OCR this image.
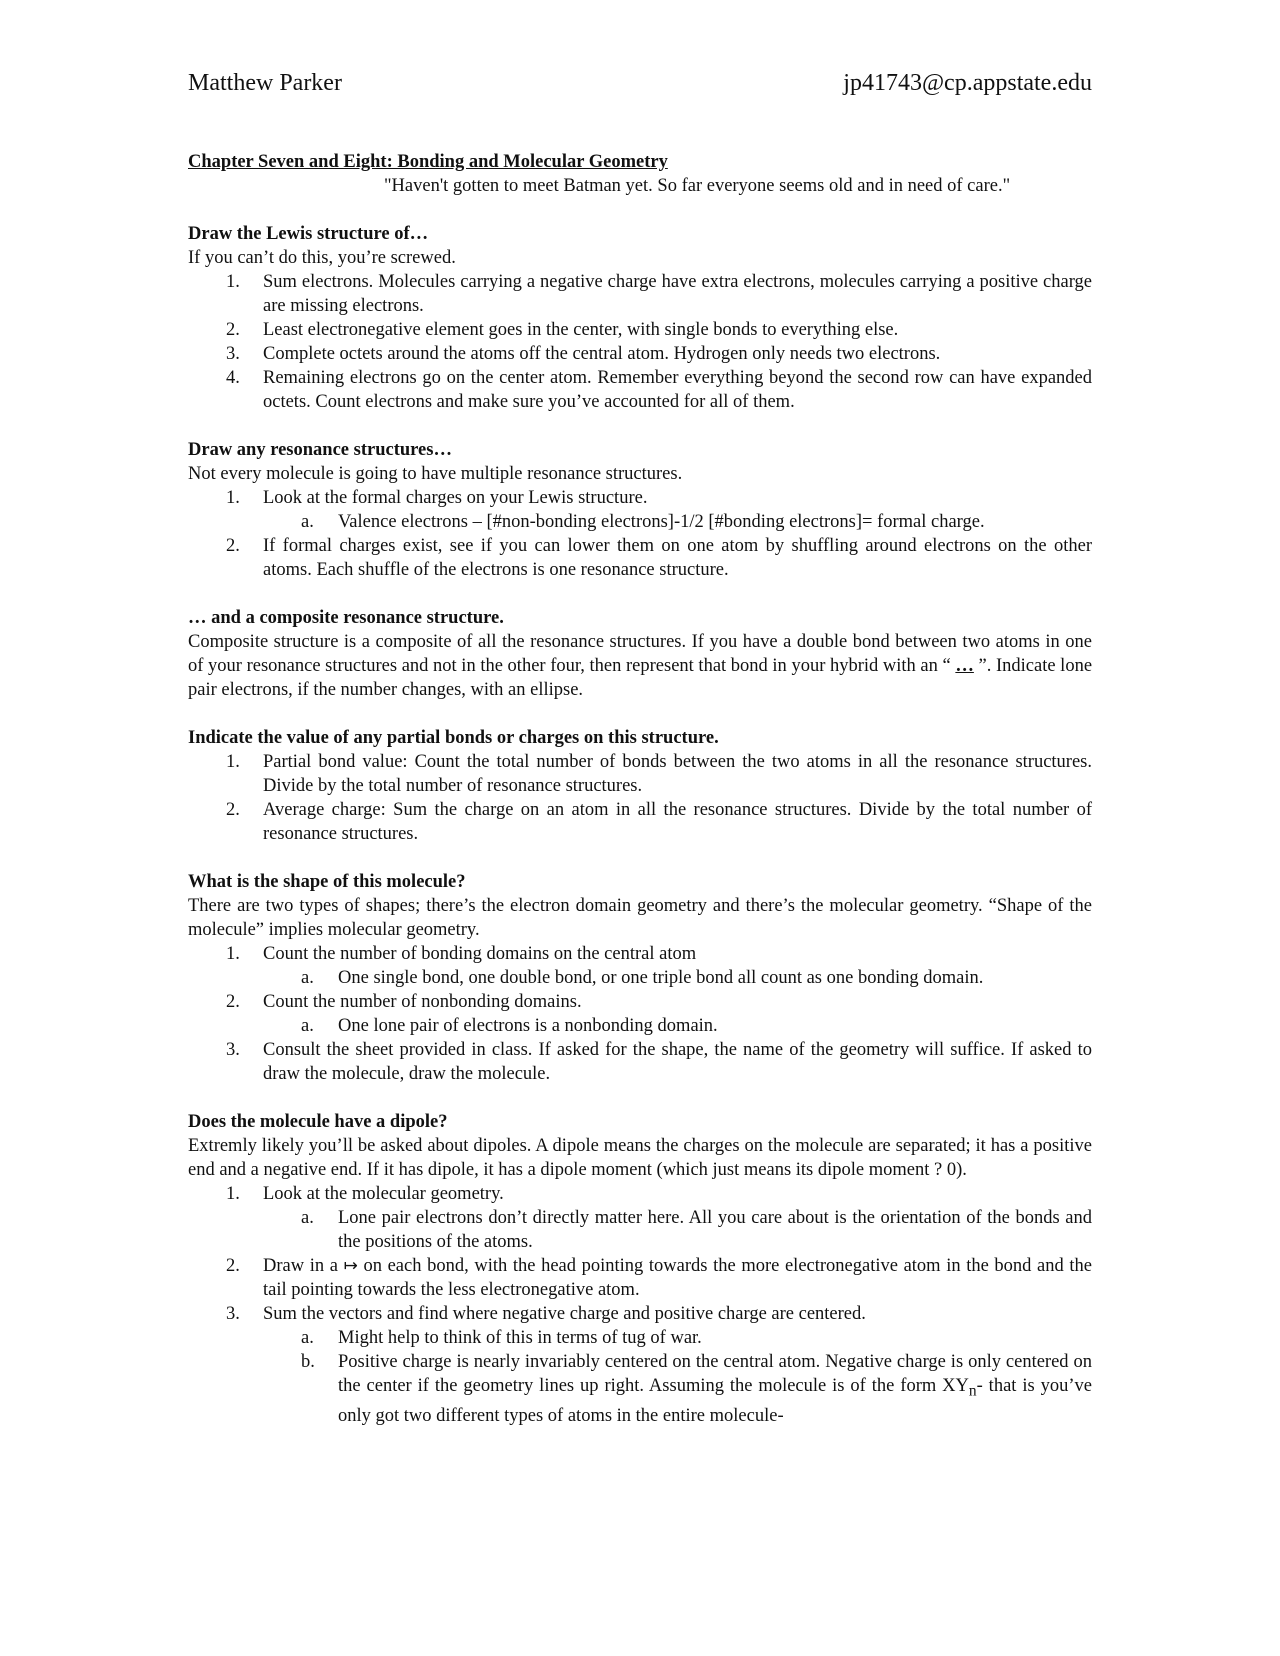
Matthew Parker	jp41743@cp.appstate.edu

Chapter Seven and Eight: Bonding and Molecular Geometry

"Haven't gotten to meet Batman yet. So far everyone seems old and in need of care."

Draw the Lewis structure of…

If you can’t do this, you’re screwed.

1. Sum electrons. Molecules carrying a negative charge have extra electrons, molecules carrying a positive charge are missing electrons.
2. Least electronegative element goes in the center, with single bonds to everything else.
3. Complete octets around the atoms off the central atom. Hydrogen only needs two electrons.
4. Remaining electrons go on the center atom. Remember everything beyond the second row can have expanded octets. Count electrons and make sure you’ve accounted for all of them.

Draw any resonance structures…

Not every molecule is going to have multiple resonance structures.

1. Look at the formal charges on your Lewis structure.
a. Valence electrons – [#non-bonding electrons]-1/2 [#bonding electrons]= formal charge.
2. If formal charges exist, see if you can lower them on one atom by shuffling around electrons on the other atoms. Each shuffle of the electrons is one resonance structure.

… and a composite resonance structure.

Composite structure is a composite of all the resonance structures. If you have a double bond between two atoms in one of your resonance structures and not in the other four, then represent that bond in your hybrid with an “ … ”. Indicate lone pair electrons, if the number changes, with an ellipse.

Indicate the value of any partial bonds or charges on this structure.

1. Partial bond value: Count the total number of bonds between the two atoms in all the resonance structures. Divide by the total number of resonance structures.
2. Average charge: Sum the charge on an atom in all the resonance structures. Divide by the total number of resonance structures.

What is the shape of this molecule?

There are two types of shapes; there’s the electron domain geometry and there’s the molecular geometry. “Shape of the molecule” implies molecular geometry.

1. Count the number of bonding domains on the central atom
a. One single bond, one double bond, or one triple bond all count as one bonding domain.
2. Count the number of nonbonding domains.
a. One lone pair of electrons is a nonbonding domain.
3. Consult the sheet provided in class. If asked for the shape, the name of the geometry will suffice. If asked to draw the molecule, draw the molecule.

Does the molecule have a dipole?

Extremly likely you’ll be asked about dipoles. A dipole means the charges on the molecule are separated; it has a positive end and a negative end. If it has dipole, it has a dipole moment (which just means its dipole moment ? 0).

1. Look at the molecular geometry.
a. Lone pair electrons don’t directly matter here. All you care about is the orientation of the bonds and the positions of the atoms.
2. Draw in a ↦ on each bond, with the head pointing towards the more electronegative atom in the bond and the tail pointing towards the less electronegative atom.
3. Sum the vectors and find where negative charge and positive charge are centered.
a. Might help to think of this in terms of tug of war.
b. Positive charge is nearly invariably centered on the central atom. Negative charge is only centered on the center if the geometry lines up right. Assuming the molecule is of the form $XY_n-$ that is you’ve only got two different types of atoms in the entire molecule-
